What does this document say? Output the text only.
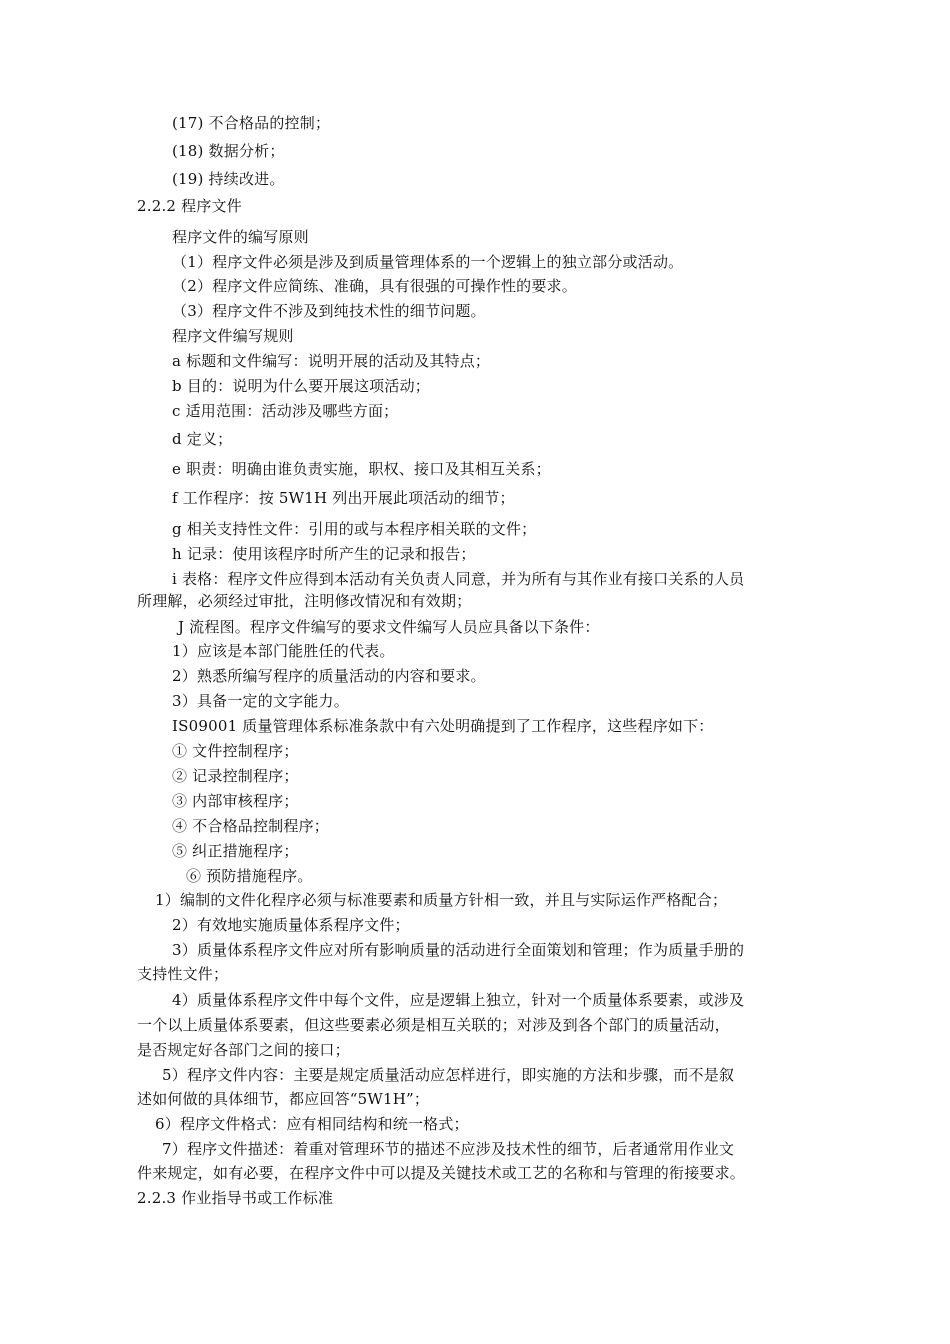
(17) 不合格品的控制；
(18) 数据分析；
(19) 持续改进。
2.2.2 程序文件
程序文件的编写原则
（1）程序文件必须是涉及到质量管理体系的一个逻辑上的独立部分或活动。
（2）程序文件应简练、准确，具有很强的可操作性的要求。
（3）程序文件不涉及到纯技术性的细节问题。
程序文件编写规则
a 标题和文件编写：说明开展的活动及其特点；
b 目的：说明为什么要开展这项活动；
c 适用范围：活动涉及哪些方面；
d 定义；
e 职责：明确由谁负责实施，职权、接口及其相互关系；
f 工作程序：按 5W1H 列出开展此项活动的细节；
g 相关支持性文件：引用的或与本程序相关联的文件；
h 记录：使用该程序时所产生的记录和报告；
i 表格：程序文件应得到本活动有关负责人同意，并为所有与其作业有接口关系的人员
所理解，必须经过审批，注明修改情况和有效期；
J 流程图。程序文件编写的要求文件编写人员应具备以下条件：
1）应该是本部门能胜任的代表。
2）熟悉所编写程序的质量活动的内容和要求。
3）具备一定的文字能力。
IS09001 质量管理体系标准条款中有六处明确提到了工作程序，这些程序如下：
① 文件控制程序；
② 记录控制程序；
③ 内部审核程序；
④ 不合格品控制程序；
⑤ 纠正措施程序；
⑥ 预防措施程序。
1）编制的文件化程序必须与标准要素和质量方针相一致，并且与实际运作严格配合；
2）有效地实施质量体系程序文件；
3）质量体系程序文件应对所有影响质量的活动进行全面策划和管理；作为质量手册的
支持性文件；
4）质量体系程序文件中每个文件，应是逻辑上独立，针对一个质量体系要素，或涉及
一个以上质量体系要素，但这些要素必须是相互关联的；对涉及到各个部门的质量活动，
是否规定好各部门之间的接口；
5）程序文件内容：主要是规定质量活动应怎样进行，即实施的方法和步骤，而不是叙
述如何做的具体细节，都应回答“5W1H”；
6）程序文件格式：应有相同结构和统一格式；
7）程序文件描述：着重对管理环节的描述不应涉及技术性的细节，后者通常用作业文
件来规定，如有必要，在程序文件中可以提及关键技术或工艺的名称和与管理的衔接要求。
2.2.3 作业指导书或工作标准
